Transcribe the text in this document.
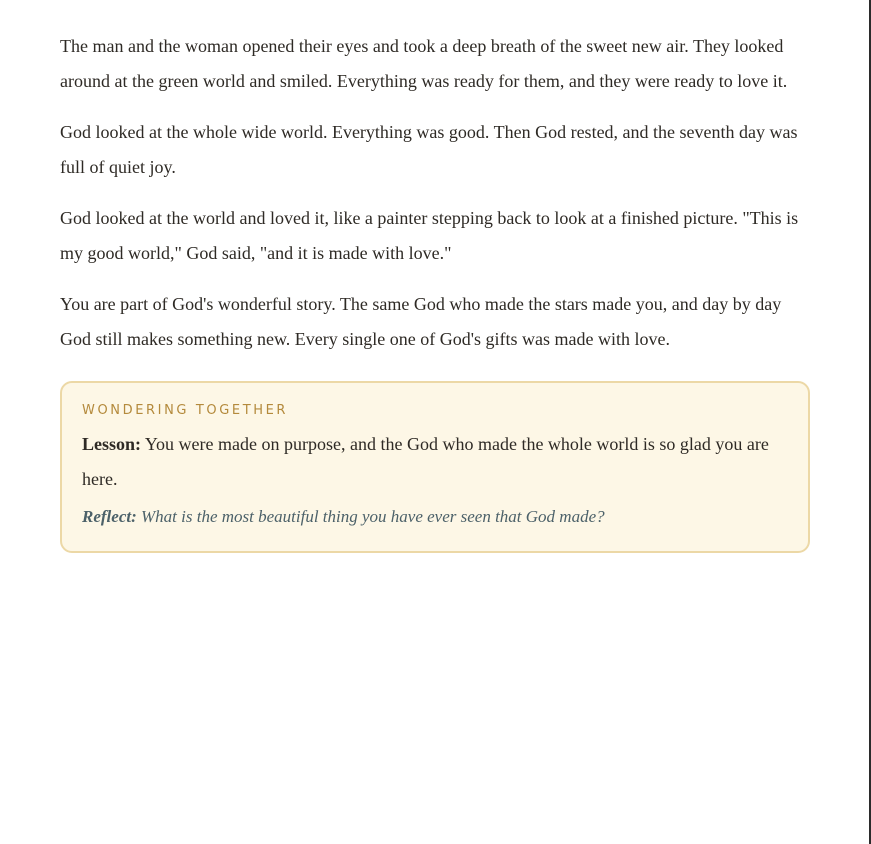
The man and the woman opened their eyes and took a deep breath of the sweet new air. They looked around at the green world and smiled. Everything was ready for them, and they were ready to love it.

God looked at the whole wide world. Everything was good. Then God rested, and the seventh day was full of quiet joy.

God looked at the world and loved it, like a painter stepping back to look at a finished picture. "This is my good world," God said, "and it is made with love."

You are part of God's wonderful story. The same God who made the stars made you, and day by day God still makes something new. Every single one of God's gifts was made with love.

WONDERING TOGETHER

Lesson: You were made on purpose, and the God who made the whole world is so glad you are here.

Reflect: What is the most beautiful thing you have ever seen that God made?
